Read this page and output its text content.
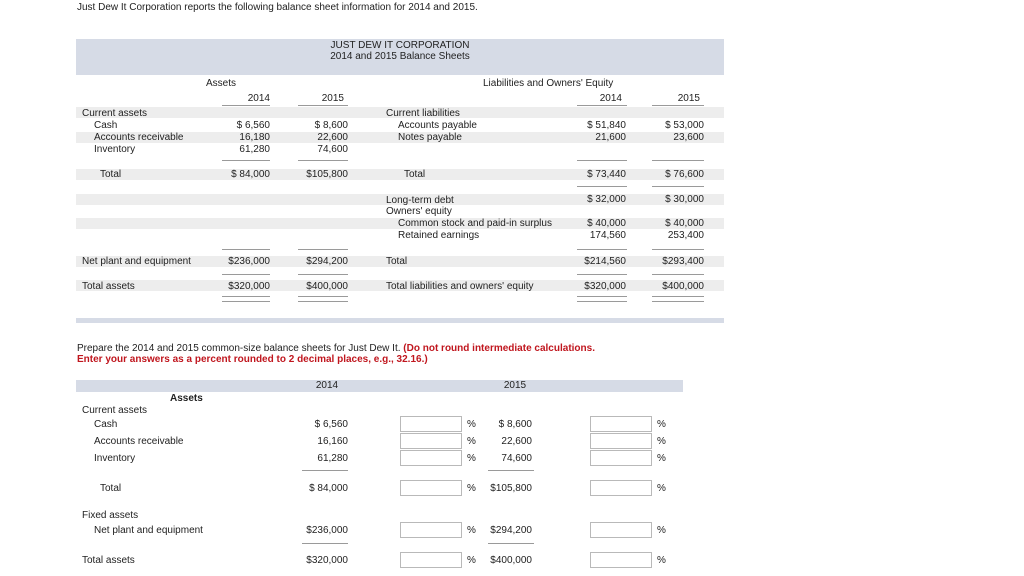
Just Dew It Corporation reports the following balance sheet information for 2014 and 2015.
JUST DEW IT CORPORATION
2014 and 2015 Balance Sheets
Assets	Liabilities and Owners' Equity
2014	2015	2014	2015
Current assets
Cash	$ 6,560	$ 8,600
Accounts receivable	16,180	22,600
Inventory	61,280	74,600
Total	$ 84,000	$105,800
Net plant and equipment	$236,000	$294,200
Total assets	$320,000	$400,000
Current liabilities
Accounts payable	$ 51,840	$ 53,000
Notes payable	21,600	23,600
Total	$ 73,440	$ 76,600
Long-term debt	$ 32,000	$ 30,000
Owners' equity
Common stock and paid-in surplus	$ 40,000	$ 40,000
Retained earnings	174,560	253,400
Total	$214,560	$293,400
Total liabilities and owners' equity	$320,000	$400,000
Prepare the 2014 and 2015 common-size balance sheets for Just Dew It. (Do not round intermediate calculations. Enter your answers as a percent rounded to 2 decimal places, e.g., 32.16.)
2014	2015
Assets
Current assets
Cash	$ 6,560	%	$ 8,600	%
Accounts receivable	16,160	%	22,600	%
Inventory	61,280	%	74,600	%
Total	$ 84,000	%	$105,800	%
Fixed assets
Net plant and equipment	$236,000	%	$294,200	%
Total assets	$320,000	%	$400,000	%
